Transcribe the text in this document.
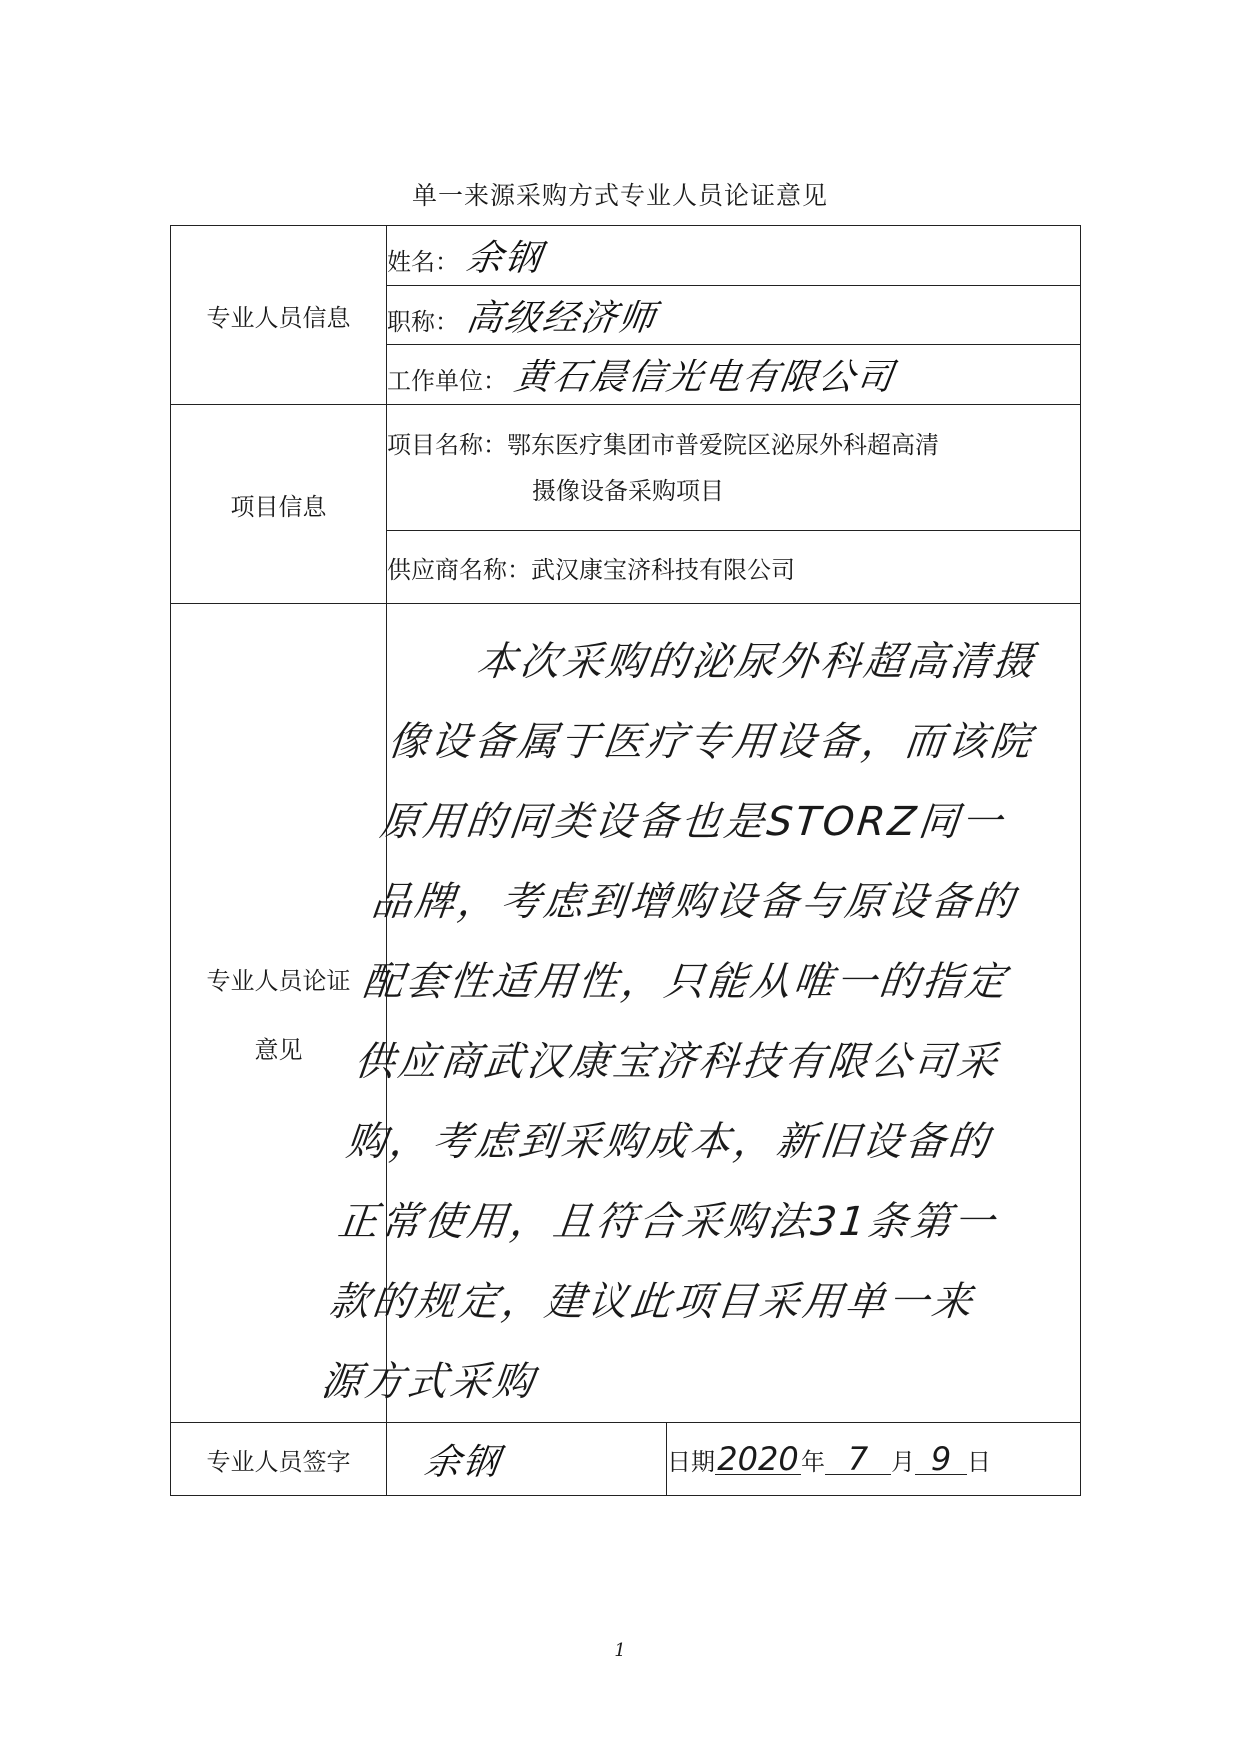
单一来源采购方式专业人员论证意见
专业人员信息	姓名： 余钢	
	职称： 高级经济师	
	工作单位： 黄石晨信光电有限公司	
项目信息	项目名称：鄂东医疗集团市普爱院区泌尿外科超高清
摄像设备采购项目	

	供应商名称：武汉康宝济科技有限公司	

专业人员论证
意见	本次采购的泌尿外科超高清摄像设备属于医疗专用设备，而该院原用的同类设备也是STORZ同一品牌，考虑到增购设备与原设备的配套性适用性，只能从唯一的指定供应商武汉康宝济科技有限公司采购，考虑到采购成本，新旧设备的正常使用，且符合采购法31条第一款的规定，建议此项目采用单一来源方式采购	

专业人员签字	余钢	日期2020年 7 月 9 日
1
